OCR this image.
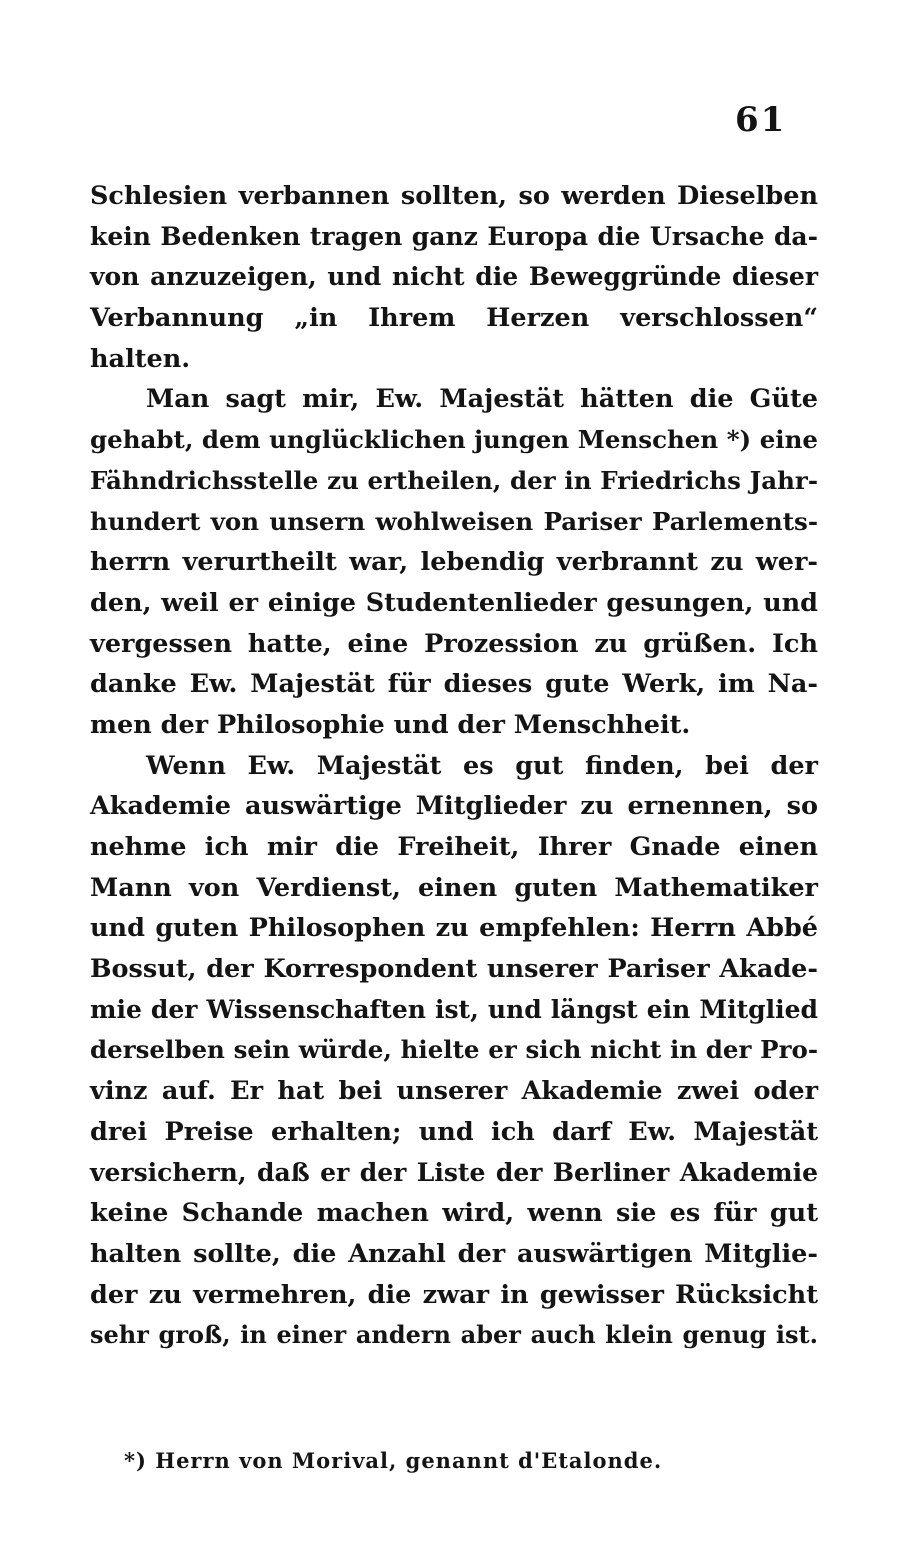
61
Schlesien verbannen sollten, so werden Dieselben
kein Bedenken tragen ganz Europa die Ursache da-
von anzuzeigen, und nicht die Beweggründe dieser
Verbannung „in Ihrem Herzen verschlossen“
halten.
Man sagt mir, Ew. Majestät hätten die Güte
gehabt, dem unglücklichen jungen Menschen *) eine
Fähndrichsstelle zu ertheilen, der in Friedrichs Jahr-
hundert von unsern wohlweisen Pariser Parlements-
herrn verurtheilt war, lebendig verbrannt zu wer-
den, weil er einige Studentenlieder gesungen, und
vergessen hatte, eine Prozession zu grüßen. Ich
danke Ew. Majestät für dieses gute Werk, im Na-
men der Philosophie und der Menschheit.
Wenn Ew. Majestät es gut finden, bei der
Akademie auswärtige Mitglieder zu ernennen, so
nehme ich mir die Freiheit, Ihrer Gnade einen
Mann von Verdienst, einen guten Mathematiker
und guten Philosophen zu empfehlen: Herrn Abbé
Bossut, der Korrespondent unserer Pariser Akade-
mie der Wissenschaften ist, und längst ein Mitglied
derselben sein würde, hielte er sich nicht in der Pro-
vinz auf. Er hat bei unserer Akademie zwei oder
drei Preise erhalten; und ich darf Ew. Majestät
versichern, daß er der Liste der Berliner Akademie
keine Schande machen wird, wenn sie es für gut
halten sollte, die Anzahl der auswärtigen Mitglie-
der zu vermehren, die zwar in gewisser Rücksicht
sehr groß, in einer andern aber auch klein genug ist.
*) Herrn von Morival, genannt d'Etalonde.
